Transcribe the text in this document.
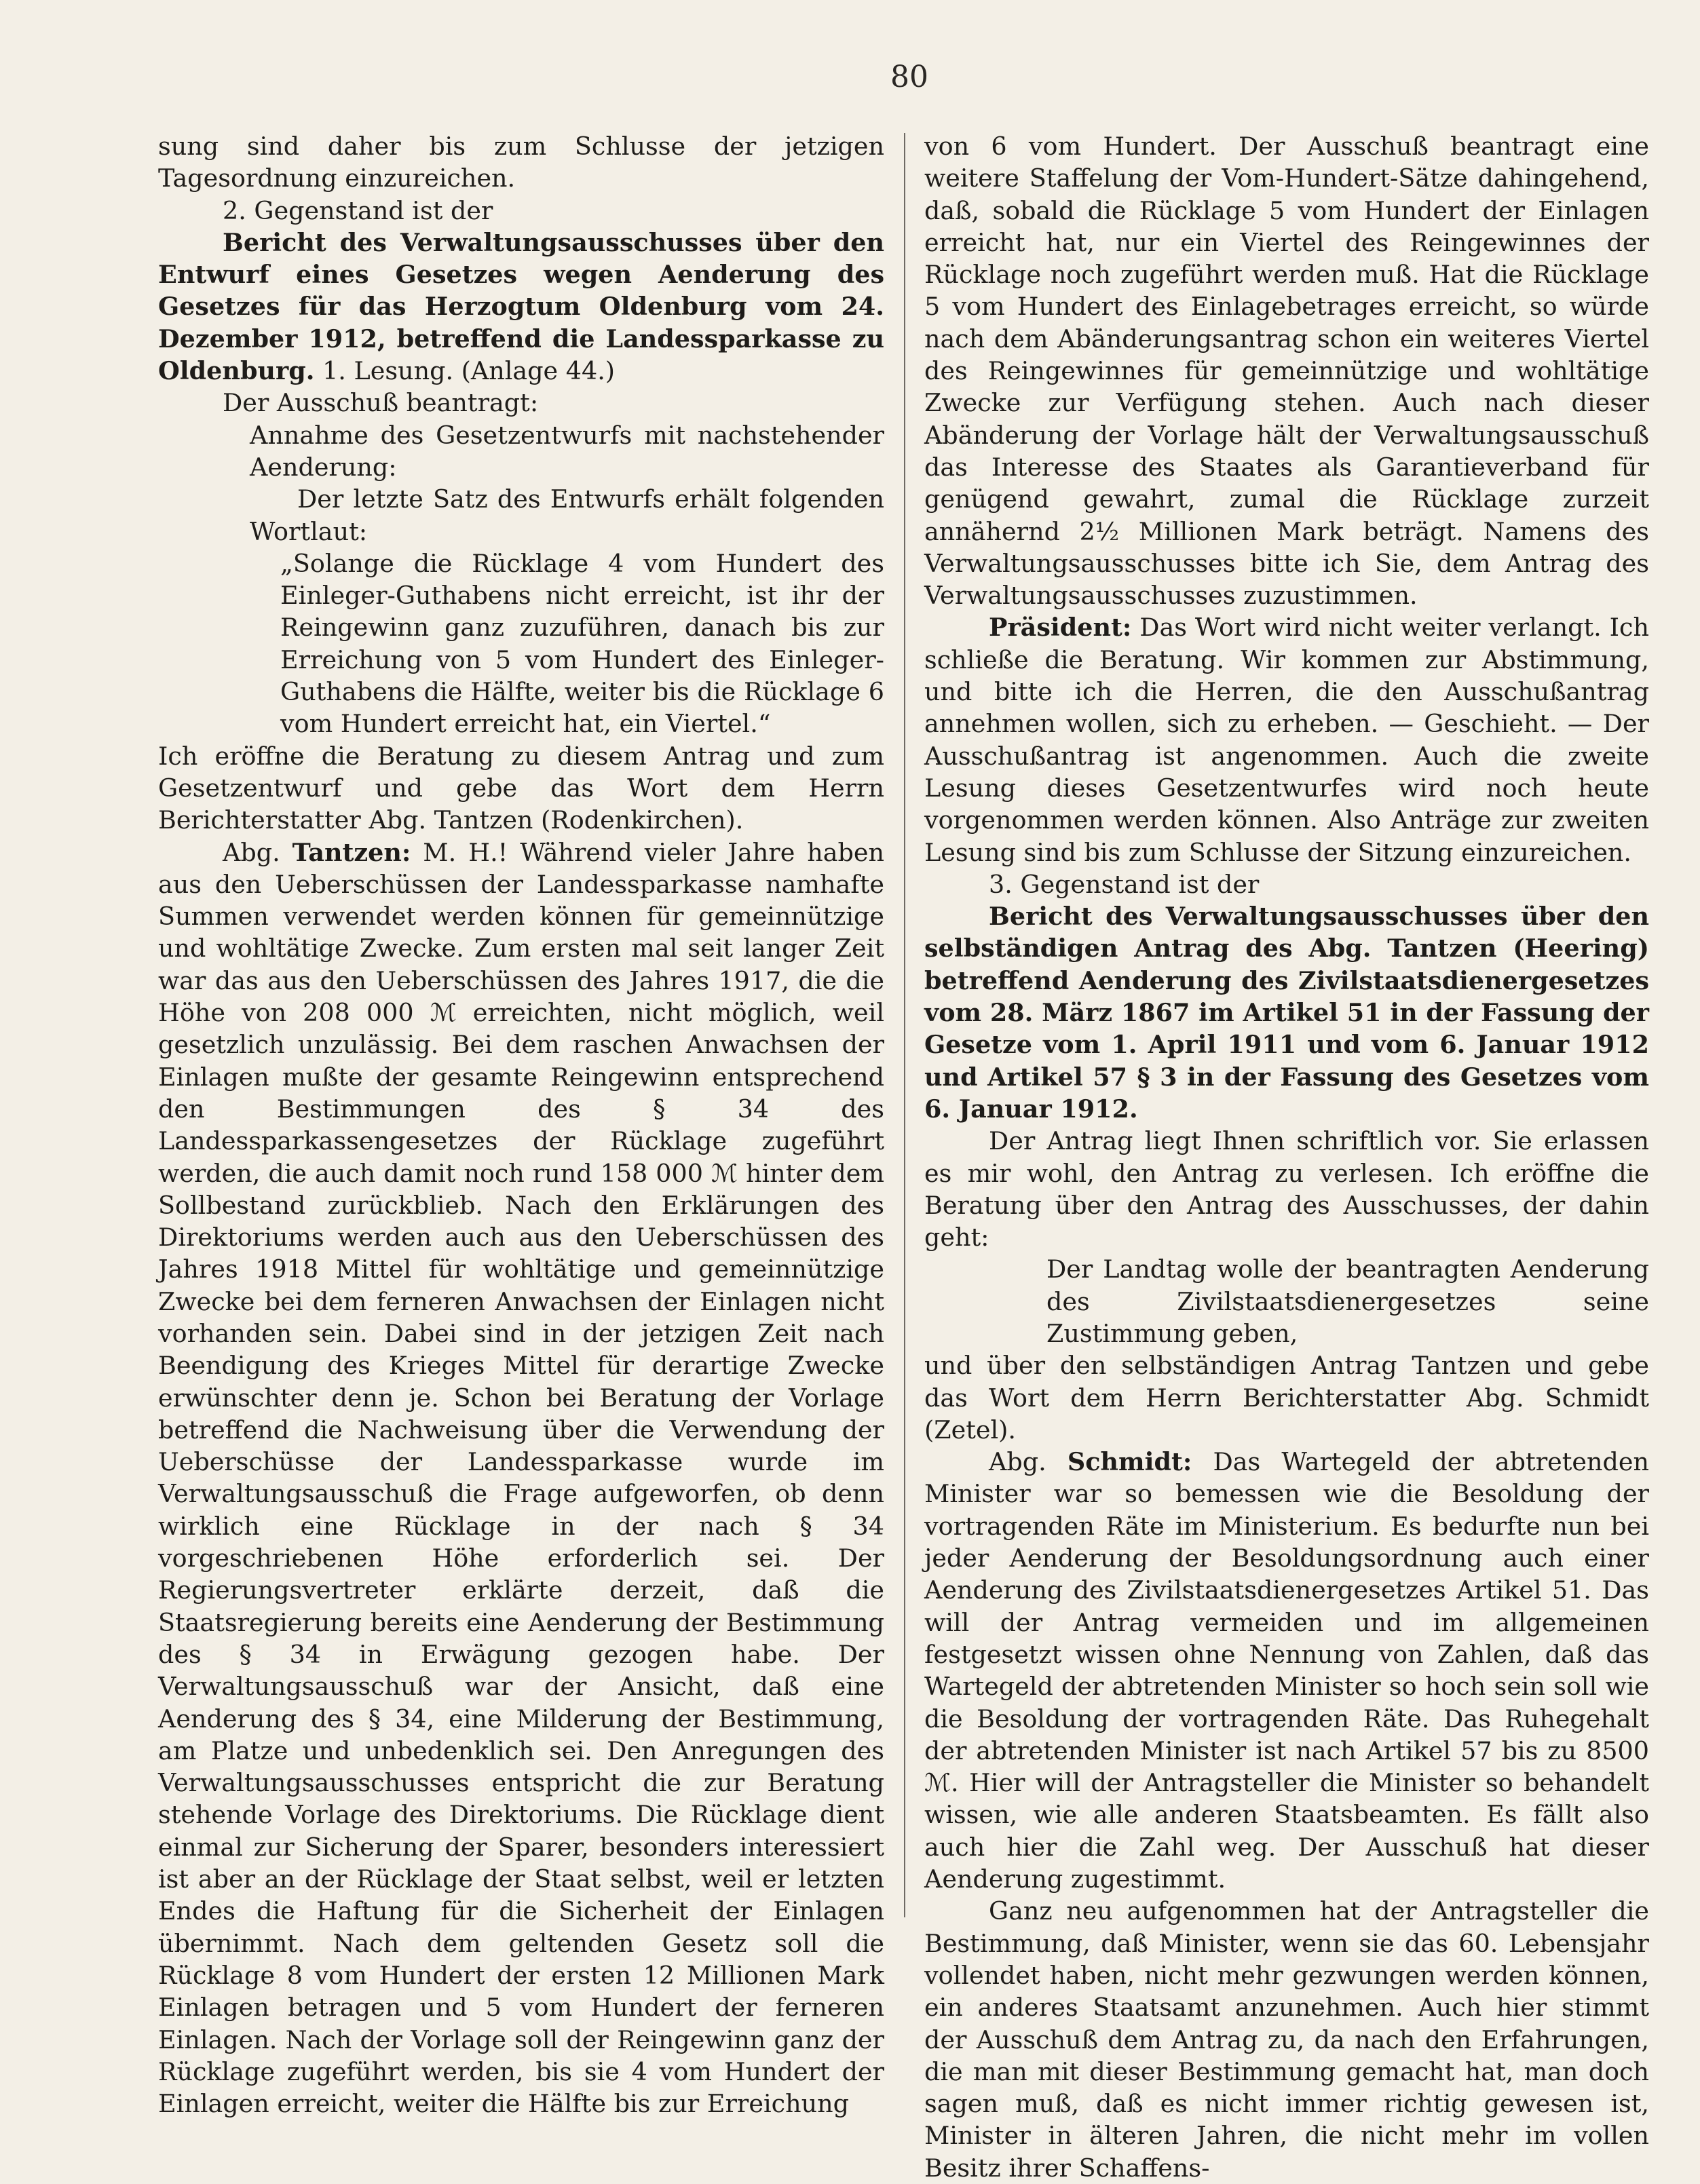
80

sung sind daher bis zum Schlusse der jetzigen Tagesordnung einzureichen.

2. Gegenstand ist der

Bericht des Verwaltungsausschusses über den Entwurf eines Gesetzes wegen Aenderung des Gesetzes für das Herzogtum Oldenburg vom 24. Dezember 1912, betreffend die Landessparkasse zu Oldenburg. 1. Lesung. (Anlage 44.)

Der Ausschuß beantragt:

Annahme des Gesetzentwurfs mit nachstehender Aenderung:

Der letzte Satz des Entwurfs erhält folgenden Wortlaut:

„Solange die Rücklage 4 vom Hundert des Einleger-Guthabens nicht erreicht, ist ihr der Reingewinn ganz zuzuführen, danach bis zur Erreichung von 5 vom Hundert des Einleger-Guthabens die Hälfte, weiter bis die Rücklage 6 vom Hundert erreicht hat, ein Viertel.“

Ich eröffne die Beratung zu diesem Antrag und zum Gesetzentwurf und gebe das Wort dem Herrn Berichterstatter Abg. Tantzen (Rodenkirchen).

Abg. Tantzen: M. H.! Während vieler Jahre haben aus den Ueberschüssen der Landessparkasse namhafte Summen verwendet werden können für gemeinnützige und wohltätige Zwecke. Zum ersten mal seit langer Zeit war das aus den Ueberschüssen des Jahres 1917, die die Höhe von 208 000 ℳ erreichten, nicht möglich, weil gesetzlich unzulässig. Bei dem raschen Anwachsen der Einlagen mußte der gesamte Reingewinn entsprechend den Bestimmungen des § 34 des Landessparkassengesetzes der Rücklage zugeführt werden, die auch damit noch rund 158 000 ℳ hinter dem Sollbestand zurückblieb. Nach den Erklärungen des Direktoriums werden auch aus den Ueberschüssen des Jahres 1918 Mittel für wohltätige und gemeinnützige Zwecke bei dem ferneren Anwachsen der Einlagen nicht vorhanden sein. Dabei sind in der jetzigen Zeit nach Beendigung des Krieges Mittel für derartige Zwecke erwünschter denn je. Schon bei Beratung der Vorlage betreffend die Nachweisung über die Verwendung der Ueberschüsse der Landessparkasse wurde im Verwaltungsausschuß die Frage aufgeworfen, ob denn wirklich eine Rücklage in der nach § 34 vorgeschriebenen Höhe erforderlich sei. Der Regierungsvertreter erklärte derzeit, daß die Staatsregierung bereits eine Aenderung der Bestimmung des § 34 in Erwägung gezogen habe. Der Verwaltungsausschuß war der Ansicht, daß eine Aenderung des § 34, eine Milderung der Bestimmung, am Platze und unbedenklich sei. Den Anregungen des Verwaltungsausschusses entspricht die zur Beratung stehende Vorlage des Direktoriums. Die Rücklage dient einmal zur Sicherung der Sparer, besonders interessiert ist aber an der Rücklage der Staat selbst, weil er letzten Endes die Haftung für die Sicherheit der Einlagen übernimmt. Nach dem geltenden Gesetz soll die Rücklage 8 vom Hundert der ersten 12 Millionen Mark Einlagen betragen und 5 vom Hundert der ferneren Einlagen. Nach der Vorlage soll der Reingewinn ganz der Rücklage zugeführt werden, bis sie 4 vom Hundert der Einlagen erreicht, weiter die Hälfte bis zur Erreichung

von 6 vom Hundert. Der Ausschuß beantragt eine weitere Staffelung der Vom-Hundert-Sätze dahingehend, daß, sobald die Rücklage 5 vom Hundert der Einlagen erreicht hat, nur ein Viertel des Reingewinnes der Rücklage noch zugeführt werden muß. Hat die Rücklage 5 vom Hundert des Einlagebetrages erreicht, so würde nach dem Abänderungsantrag schon ein weiteres Viertel des Reingewinnes für gemeinnützige und wohltätige Zwecke zur Verfügung stehen. Auch nach dieser Abänderung der Vorlage hält der Verwaltungsausschuß das Interesse des Staates als Garantieverband für genügend gewahrt, zumal die Rücklage zurzeit annähernd 2½ Millionen Mark beträgt. Namens des Verwaltungsausschusses bitte ich Sie, dem Antrag des Verwaltungsausschusses zuzustimmen.

Präsident: Das Wort wird nicht weiter verlangt. Ich schließe die Beratung. Wir kommen zur Abstimmung, und bitte ich die Herren, die den Ausschußantrag annehmen wollen, sich zu erheben. — Geschieht. — Der Ausschußantrag ist angenommen. Auch die zweite Lesung dieses Gesetzentwurfes wird noch heute vorgenommen werden können. Also Anträge zur zweiten Lesung sind bis zum Schlusse der Sitzung einzureichen.

3. Gegenstand ist der

Bericht des Verwaltungsausschusses über den selbständigen Antrag des Abg. Tantzen (Heering) betreffend Aenderung des Zivilstaatsdienergesetzes vom 28. März 1867 im Artikel 51 in der Fassung der Gesetze vom 1. April 1911 und vom 6. Januar 1912 und Artikel 57 § 3 in der Fassung des Gesetzes vom 6. Januar 1912.

Der Antrag liegt Ihnen schriftlich vor. Sie erlassen es mir wohl, den Antrag zu verlesen. Ich eröffne die Beratung über den Antrag des Ausschusses, der dahin geht:

Der Landtag wolle der beantragten Aenderung des Zivilstaatsdienergesetzes seine Zustimmung geben,

und über den selbständigen Antrag Tantzen und gebe das Wort dem Herrn Berichterstatter Abg. Schmidt (Zetel).

Abg. Schmidt: Das Wartegeld der abtretenden Minister war so bemessen wie die Besoldung der vortragenden Räte im Ministerium. Es bedurfte nun bei jeder Aenderung der Besoldungsordnung auch einer Aenderung des Zivilstaatsdienergesetzes Artikel 51. Das will der Antrag vermeiden und im allgemeinen festgesetzt wissen ohne Nennung von Zahlen, daß das Wartegeld der abtretenden Minister so hoch sein soll wie die Besoldung der vortragenden Räte. Das Ruhegehalt der abtretenden Minister ist nach Artikel 57 bis zu 8500 ℳ. Hier will der Antragsteller die Minister so behandelt wissen, wie alle anderen Staatsbeamten. Es fällt also auch hier die Zahl weg. Der Ausschuß hat dieser Aenderung zugestimmt.

Ganz neu aufgenommen hat der Antragsteller die Bestimmung, daß Minister, wenn sie das 60. Lebensjahr vollendet haben, nicht mehr gezwungen werden können, ein anderes Staatsamt anzunehmen. Auch hier stimmt der Ausschuß dem Antrag zu, da nach den Erfahrungen, die man mit dieser Bestimmung gemacht hat, man doch sagen muß, daß es nicht immer richtig gewesen ist, Minister in älteren Jahren, die nicht mehr im vollen Besitz ihrer Schaffens-
